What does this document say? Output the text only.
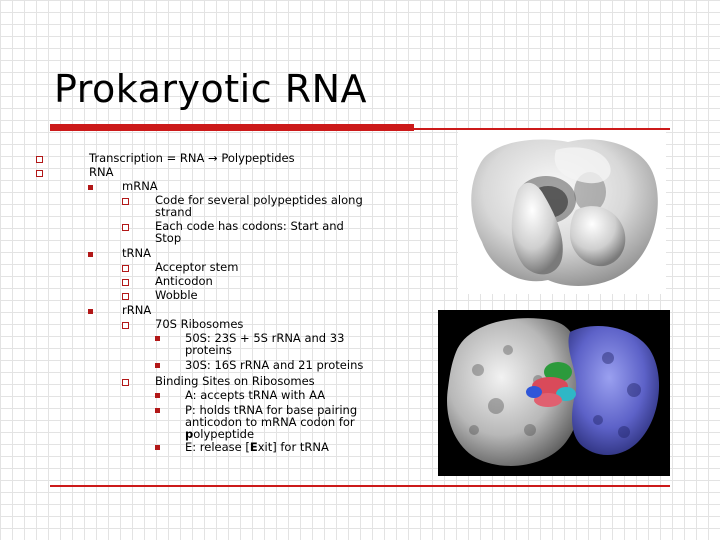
Prokaryotic RNA
Transcription = RNA → Polypeptides
RNA
mRNA
Code for several polypeptides along
strand
Each code has codons: Start and
Stop
tRNA
Acceptor stem
Anticodon
Wobble
rRNA
70S Ribosomes
50S: 23S + 5S rRNA and 33
proteins
30S: 16S rRNA and 21 proteins
Binding Sites on Ribosomes
A: accepts tRNA with AA
P: holds tRNA for base pairing
anticodon to mRNA codon for
polypeptide
E: release [Exit] for tRNA
